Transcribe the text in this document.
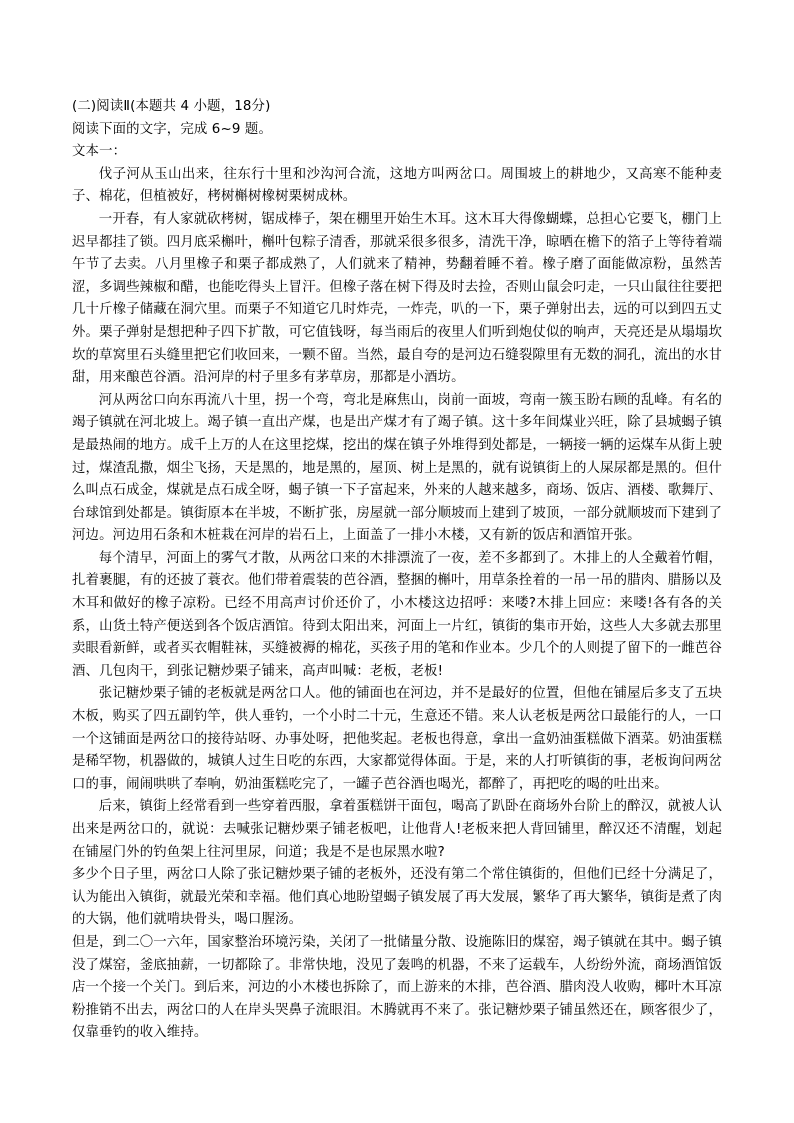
(二)阅读Ⅱ(本题共 4 小题，18分)

阅读下面的文字，完成 6~9 题。

文本一：

伐子河从玉山出来，往东行十里和沙沟河合流，这地方叫两岔口。周围坡上的耕地少，又高寒不能种麦子、棉花，但植被好，栲树槲树橡树栗树成林。

一开春，有人家就砍栲树，锯成棒子，架在棚里开始生木耳。这木耳大得像蝴蝶，总担心它要飞，棚门上迟早都挂了锁。四月底采槲叶，槲叶包粽子清香，那就采很多很多，清洗干净，晾晒在檐下的箔子上等待着端午节了去卖。八月里橡子和栗子都成熟了，人们就来了精神，势翻着睡不着。橡子磨了面能做凉粉，虽然苦涩，多调些辣椒和醋，也能吃得头上冒汗。但橡子落在树下得及时去捡，否则山鼠会叼走，一只山鼠往往要把几十斤橡子储藏在洞穴里。而栗子不知道它几时炸壳，一炸壳，叭的一下，栗子弹射出去，远的可以到四五丈外。栗子弹射是想把种子四下扩散，可它值钱呀，每当雨后的夜里人们听到炮仗似的响声，天亮还是从塌塌坎坎的草窝里石头缝里把它们收回来，一颗不留。当然，最自夸的是河边石缝裂隙里有无数的洞孔，流出的水甘甜，用来酿芭谷酒。沿河岸的村子里多有茅草房，那都是小酒坊。

河从两岔口向东再流八十里，拐一个弯，弯北是麻焦山，岗前一面坡，弯南一簇玉盼右顾的乱峰。有名的竭子镇就在河北坡上。竭子镇一直出产煤，也是出产煤才有了竭子镇。这十多年间煤业兴旺，除了县城蝎子镇是最热闹的地方。成千上万的人在这里挖煤，挖出的煤在镇子外堆得到处都是，一辆接一辆的运煤车从街上驶过，煤渣乱撒，烟尘飞扬，天是黑的，地是黑的，屋顶、树上是黑的，就有说镇街上的人屎尿都是黑的。但什么叫点石成金，煤就是点石成全呀，蝎子镇一下子富起来，外来的人越来越多，商场、饭店、酒楼、歌舞厅、台球馆到处都是。镇街原本在半坡，不断扩张，房屋就一部分顺坡而上建到了坡顶，一部分就顺坡而下建到了河边。河边用石条和木桩栽在河岸的岩石上，上面盖了一排小木楼，又有新的饭店和酒馆开张。

每个清早，河面上的雾气才散，从两岔口来的木排漂流了一夜，差不多都到了。木排上的人全戴着竹帽，扎着裹腿，有的还披了蓑衣。他们带着震装的芭谷酒，整捆的槲叶，用草条拴着的一吊一吊的腊肉、腊肠以及木耳和做好的橡子凉粉。已经不用高声讨价还价了，小木楼这边招呼：来喽?木排上回应：来喽!各有各的关系，山货土特产便送到各个饭店酒馆。待到太阳出来，河面上一片红，镇街的集市开始，这些人大多就去那里卖眼看新鲜，或者买衣帽鞋袜，买缝被褥的棉花，买孩子用的笔和作业本。少几个的人则提了留下的一雌芭谷酒、几包肉干，到张记糖炒栗子铺来，高声叫喊：老板，老板!

张记糖炒栗子铺的老板就是两岔口人。他的铺面也在河边，并不是最好的位置，但他在铺屋后多支了五块木板，购买了四五副钓竿，供人垂钓，一个小时二十元，生意还不错。来人认老板是两岔口最能行的人，一口一个这铺面是两岔口的接待站呀、办事处呀，把他奖起。老板也得意，拿出一盒奶油蛋糕做下酒菜。奶油蛋糕是稀罕物，机器做的，城镇人过生日吃的东西，大家都觉得体面。于是，来的人打听镇街的事，老板询问两岔口的事，闹闹哄哄了奉响，奶油蛋糕吃完了，一罐子芭谷酒也喝光，都醉了，再把吃的喝的吐出来。

后来，镇街上经常看到一些穿着西服，拿着蛋糕饼干面包，喝高了趴卧在商场外台阶上的醉汉，就被人认出来是两岔口的，就说：去喊张记糖炒栗子铺老板吧，让他背人!老板来把人背回铺里，醉汉还不清醒，划起在铺屋门外的钓鱼架上往河里尿，问道；我是不是也尿黑水啦?

多少个日子里，两岔口人除了张记糖炒栗子铺的老板外，还没有第二个常住镇街的，但他们已经十分满足了，认为能出入镇街，就最光荣和幸福。他们真心地盼望蝎子镇发展了再大发展，繁华了再大繁华，镇街是煮了肉的大锅，他们就啃块骨头，喝口腥汤。

但是，到二〇一六年，国家整治环境污染，关闭了一批储量分散、设施陈旧的煤窑，竭子镇就在其中。蝎子镇没了煤窑，釜底抽薪，一切都除了。非常快地，没见了轰鸣的机器，不来了运载车，人纷纷外流，商场酒馆饭店一个接一个关门。到后来，河边的小木楼也拆除了，而上游来的木排，芭谷酒、腊肉没人收购，椰叶木耳凉粉推销不出去，两岔口的人在岸头哭鼻子流眼泪。木腾就再不来了。张记糖炒栗子铺虽然还在，顾客很少了，仅靠垂钓的收入维持。
